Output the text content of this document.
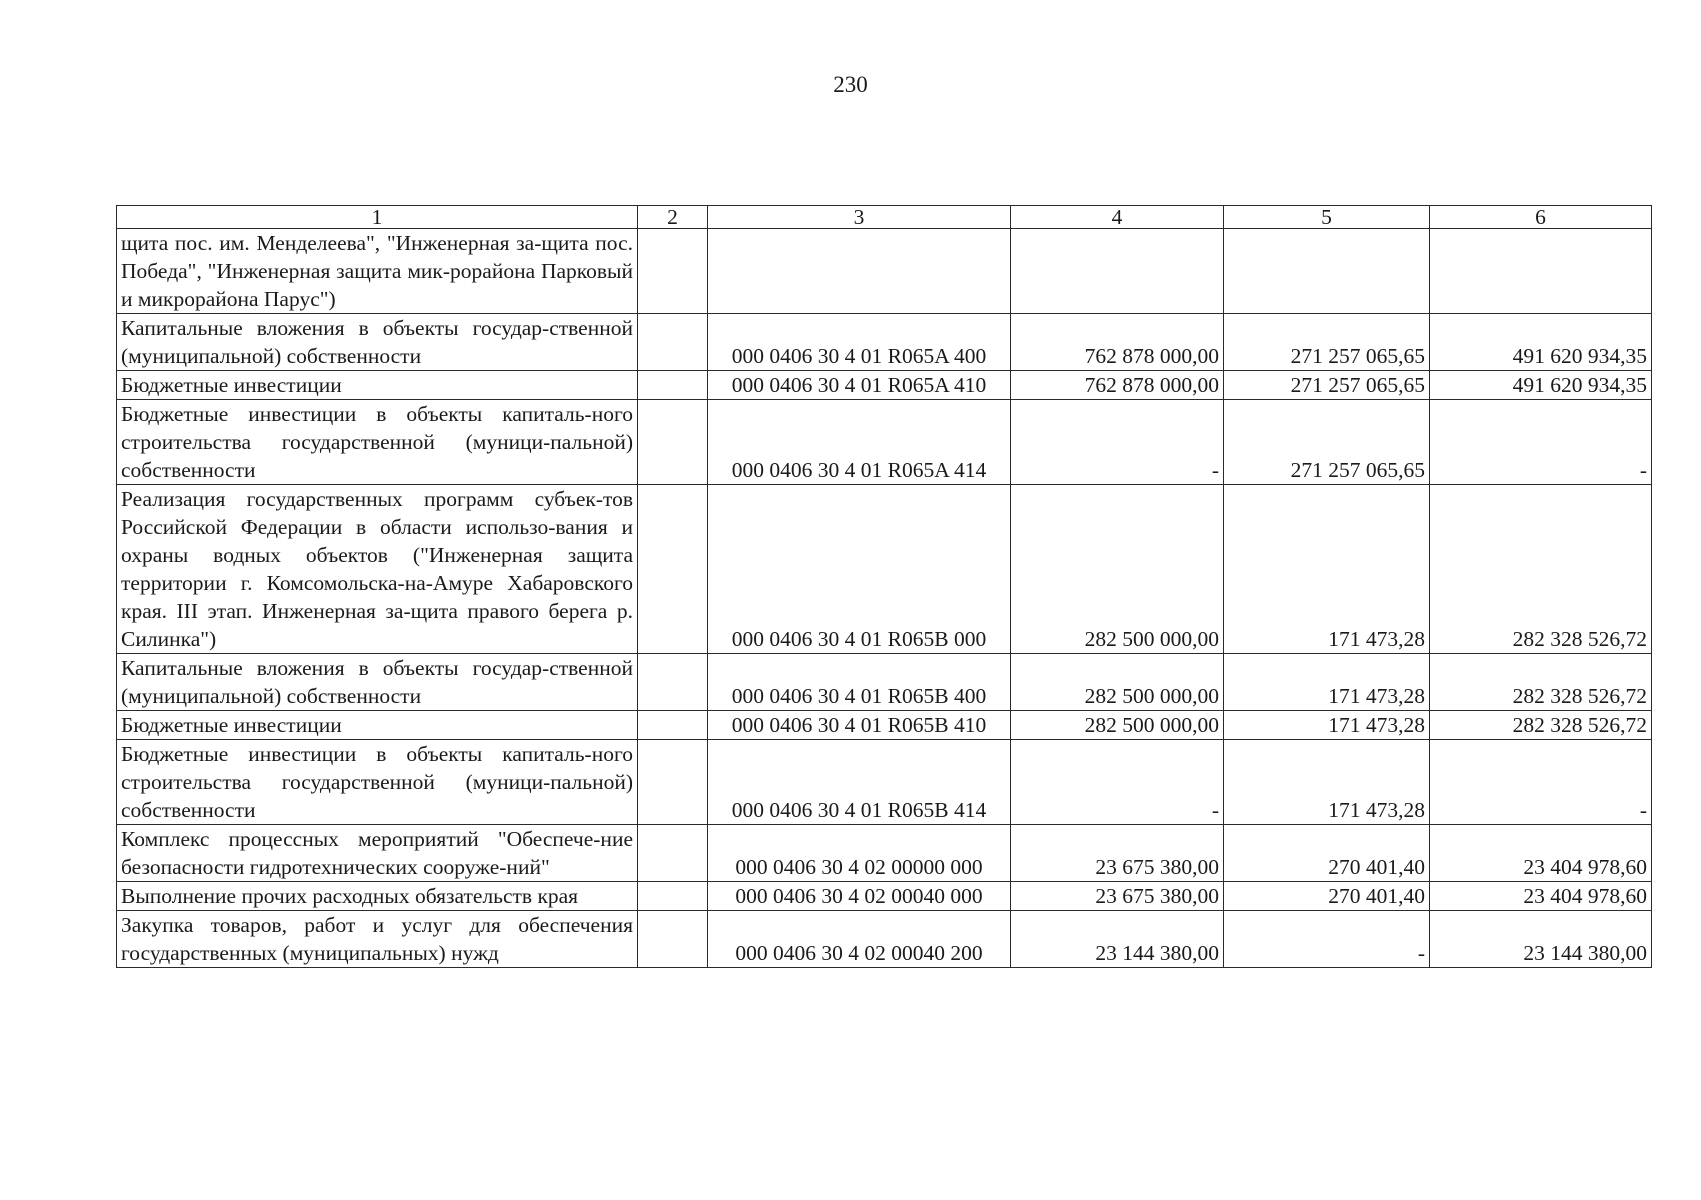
230
1	2	3	4	5	6
щита пос. им. Менделеева", "Инженерная за-щита пос. Победа", "Инженерная защита мик-рорайона Парковый и микрорайона Парус")					
Капитальные вложения в объекты государ-ственной (муниципальной) собственности		000 0406 30 4 01 R065A 400	762 878 000,00	271 257 065,65	491 620 934,35
Бюджетные инвестиции		000 0406 30 4 01 R065A 410	762 878 000,00	271 257 065,65	491 620 934,35
Бюджетные инвестиции в объекты капиталь-ного строительства государственной (муници-пальной) собственности		000 0406 30 4 01 R065A 414	-	271 257 065,65	-
Реализация государственных программ субъек-тов Российской Федерации в области использо-вания и охраны водных объектов ("Инженерная защита территории г. Комсомольска-на-Амуре Хабаровского края. III этап. Инженерная за-щита правого берега р. Силинка")		000 0406 30 4 01 R065B 000	282 500 000,00	171 473,28	282 328 526,72
Капитальные вложения в объекты государ-ственной (муниципальной) собственности		000 0406 30 4 01 R065B 400	282 500 000,00	171 473,28	282 328 526,72
Бюджетные инвестиции		000 0406 30 4 01 R065B 410	282 500 000,00	171 473,28	282 328 526,72
Бюджетные инвестиции в объекты капиталь-ного строительства государственной (муници-пальной) собственности		000 0406 30 4 01 R065B 414	-	171 473,28	-
Комплекс процессных мероприятий "Обеспече-ние безопасности гидротехнических сооруже-ний"		000 0406 30 4 02 00000 000	23 675 380,00	270 401,40	23 404 978,60
Выполнение прочих расходных обязательств края		000 0406 30 4 02 00040 000	23 675 380,00	270 401,40	23 404 978,60
Закупка товаров, работ и услуг для обеспечения государственных (муниципальных) нужд		000 0406 30 4 02 00040 200	23 144 380,00	-	23 144 380,00
